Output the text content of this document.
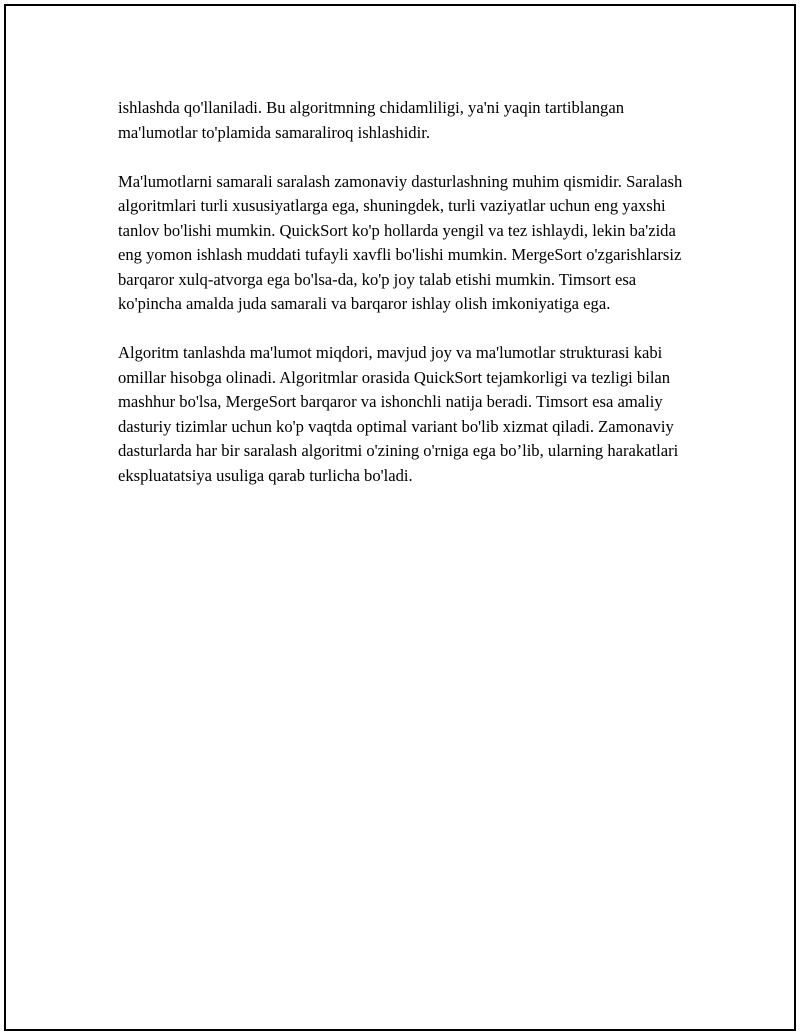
ishlashda qo'llaniladi. Bu algoritmning chidamliligi, ya'ni yaqin tartiblangan ma'lumotlar to'plamida samaraliroq ishlashidir.

Ma'lumotlarni samarali saralash zamonaviy dasturlashning muhim qismidir. Saralash algoritmlari turli xususiyatlarga ega, shuningdek, turli vaziyatlar uchun eng yaxshi tanlov bo'lishi mumkin. QuickSort ko'p hollarda yengil va tez ishlaydi, lekin ba'zida eng yomon ishlash muddati tufayli xavfli bo'lishi mumkin. MergeSort o'zgarishlarsiz barqaror xulq-atvorga ega bo'lsa-da, ko'p joy talab etishi mumkin. Timsort esa ko'pincha amalda juda samarali va barqaror ishlay olish imkoniyatiga ega.

Algoritm tanlashda ma'lumot miqdori, mavjud joy va ma'lumotlar strukturasi kabi omillar hisobga olinadi. Algoritmlar orasida QuickSort tejamkorligi va tezligi bilan mashhur bo'lsa, MergeSort barqaror va ishonchli natija beradi. Timsort esa amaliy dasturiy tizimlar uchun ko'p vaqtda optimal variant bo'lib xizmat qiladi. Zamonaviy dasturlarda har bir saralash algoritmi o'zining o'rniga ega bo’lib, ularning harakatlari ekspluatatsiya usuliga qarab turlicha bo'ladi.
